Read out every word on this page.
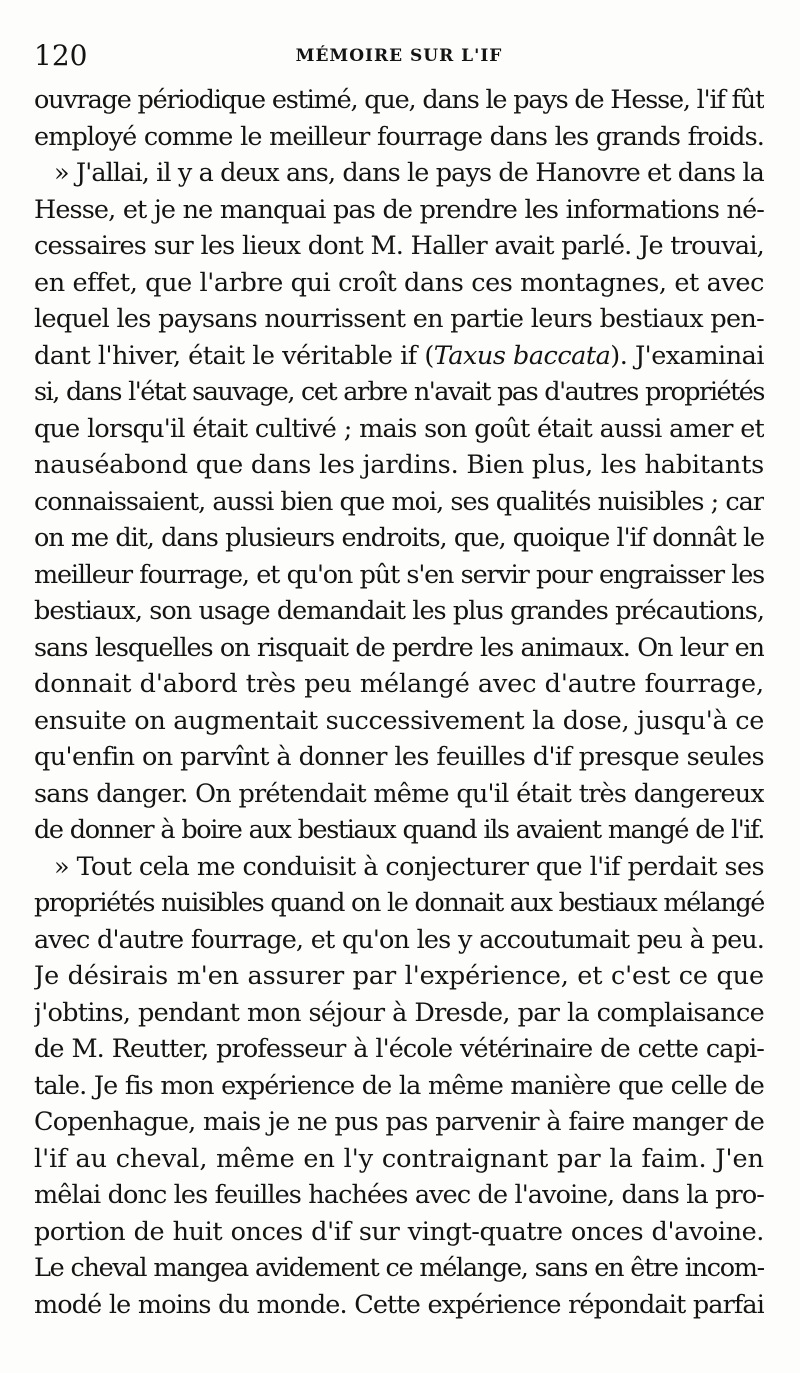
120	MÉMOIRE SUR L'IF
ouvrage périodique estimé, que, dans le pays de Hesse, l'if fût
employé comme le meilleur fourrage dans les grands froids.
» J'allai, il y a deux ans, dans le pays de Hanovre et dans la
Hesse, et je ne manquai pas de prendre les informations né-
cessaires sur les lieux dont M. Haller avait parlé. Je trouvai,
en effet, que l'arbre qui croît dans ces montagnes, et avec
lequel les paysans nourrissent en partie leurs bestiaux pen-
dant l'hiver, était le véritable if (Taxus baccata). J'examinai
si, dans l'état sauvage, cet arbre n'avait pas d'autres propriétés
que lorsqu'il était cultivé ; mais son goût était aussi amer et
nauséabond que dans les jardins. Bien plus, les habitants
connaissaient, aussi bien que moi, ses qualités nuisibles ; car
on me dit, dans plusieurs endroits, que, quoique l'if donnât le
meilleur fourrage, et qu'on pût s'en servir pour engraisser les
bestiaux, son usage demandait les plus grandes précautions,
sans lesquelles on risquait de perdre les animaux. On leur en
donnait d'abord très peu mélangé avec d'autre fourrage,
ensuite on augmentait successivement la dose, jusqu'à ce
qu'enfin on parvînt à donner les feuilles d'if presque seules
sans danger. On prétendait même qu'il était très dangereux
de donner à boire aux bestiaux quand ils avaient mangé de l'if.
» Tout cela me conduisit à conjecturer que l'if perdait ses
propriétés nuisibles quand on le donnait aux bestiaux mélangé
avec d'autre fourrage, et qu'on les y accoutumait peu à peu.
Je désirais m'en assurer par l'expérience, et c'est ce que
j'obtins, pendant mon séjour à Dresde, par la complaisance
de M. Reutter, professeur à l'école vétérinaire de cette capi-
tale. Je fis mon expérience de la même manière que celle de
Copenhague, mais je ne pus pas parvenir à faire manger de
l'if au cheval, même en l'y contraignant par la faim. J'en
mêlai donc les feuilles hachées avec de l'avoine, dans la pro-
portion de huit onces d'if sur vingt-quatre onces d'avoine.
Le cheval mangea avidement ce mélange, sans en être incom-
modé le moins du monde. Cette expérience répondait parfai
